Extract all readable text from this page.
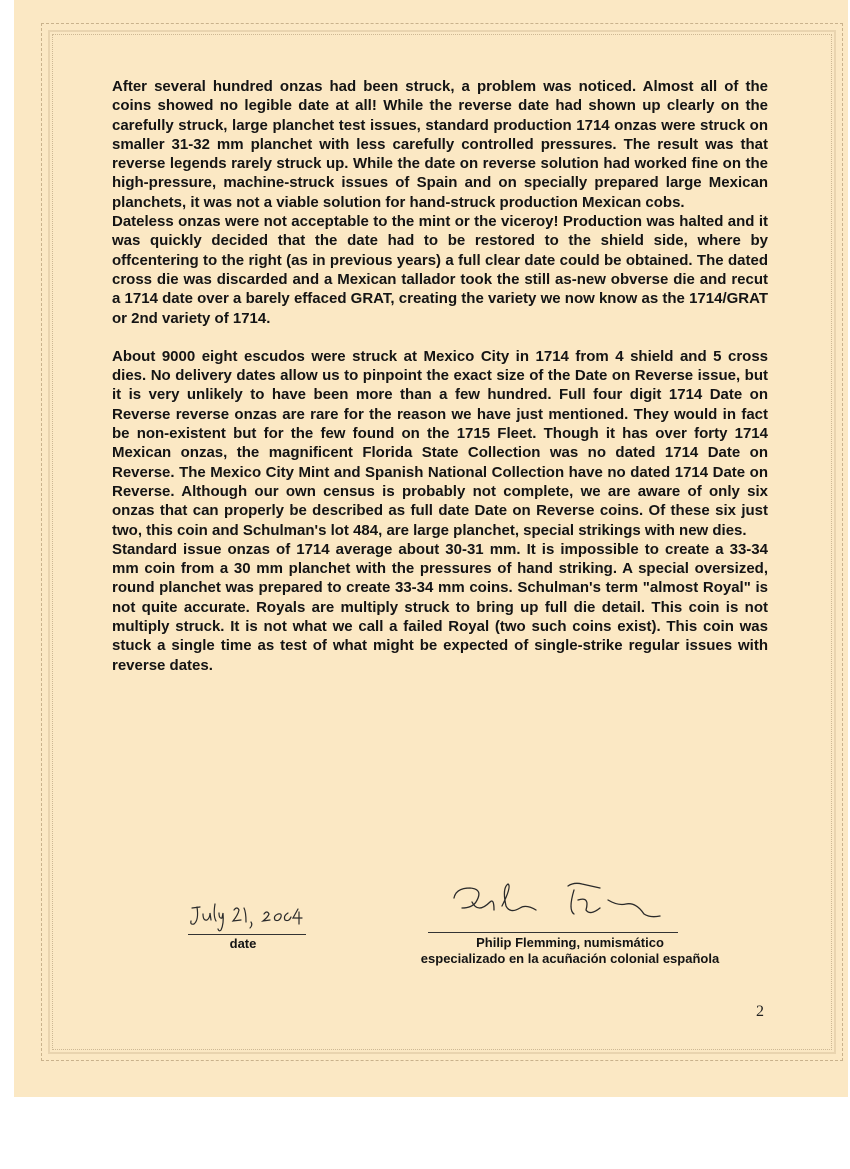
After several hundred onzas had been struck, a problem was noticed. Almost all of the coins showed no legible date at all! While the reverse date had shown up clearly on the carefully struck, large planchet test issues, standard production 1714 onzas were struck on smaller 31-32 mm planchet with less carefully controlled pressures. The result was that reverse legends rarely struck up. While the date on reverse solution had worked fine on the high-pressure, machine-struck issues of Spain and on specially prepared large Mexican planchets, it was not a viable solution for hand-struck production Mexican cobs.

Dateless onzas were not acceptable to the mint or the viceroy! Production was halted and it was quickly decided that the date had to be restored to the shield side, where by offcentering to the right (as in previous years) a full clear date could be obtained. The dated cross die was discarded and a Mexican tallador took the still as-new obverse die and recut a 1714 date over a barely effaced GRAT, creating the variety we now know as the 1714/GRAT or 2nd variety of 1714.

About 9000 eight escudos were struck at Mexico City in 1714 from 4 shield and 5 cross dies. No delivery dates allow us to pinpoint the exact size of the Date on Reverse issue, but it is very unlikely to have been more than a few hundred. Full four digit 1714 Date on Reverse reverse onzas are rare for the reason we have just mentioned. They would in fact be non-existent but for the few found on the 1715 Fleet. Though it has over forty 1714 Mexican onzas, the magnificent Florida State Collection was no dated 1714 Date on Reverse. The Mexico City Mint and Spanish National Collection have no dated 1714 Date on Reverse. Although our own census is probably not complete, we are aware of only six onzas that can properly be described as full date Date on Reverse coins. Of these six just two, this coin and Schulman's lot 484, are large planchet, special strikings with new dies.

Standard issue onzas of 1714 average about 30-31 mm. It is impossible to create a 33-34 mm coin from a 30 mm planchet with the pressures of hand striking. A special oversized, round planchet was prepared to create 33-34 mm coins. Schulman's term "almost Royal" is not quite accurate. Royals are multiply struck to bring up full die detail. This coin is not multiply struck. It is not what we call a failed Royal (two such coins exist). This coin was stuck a single time as test of what might be expected of single-strike regular issues with reverse dates.

date	Philip Flemming, numismático
especializado en la acuñación colonial española
2
